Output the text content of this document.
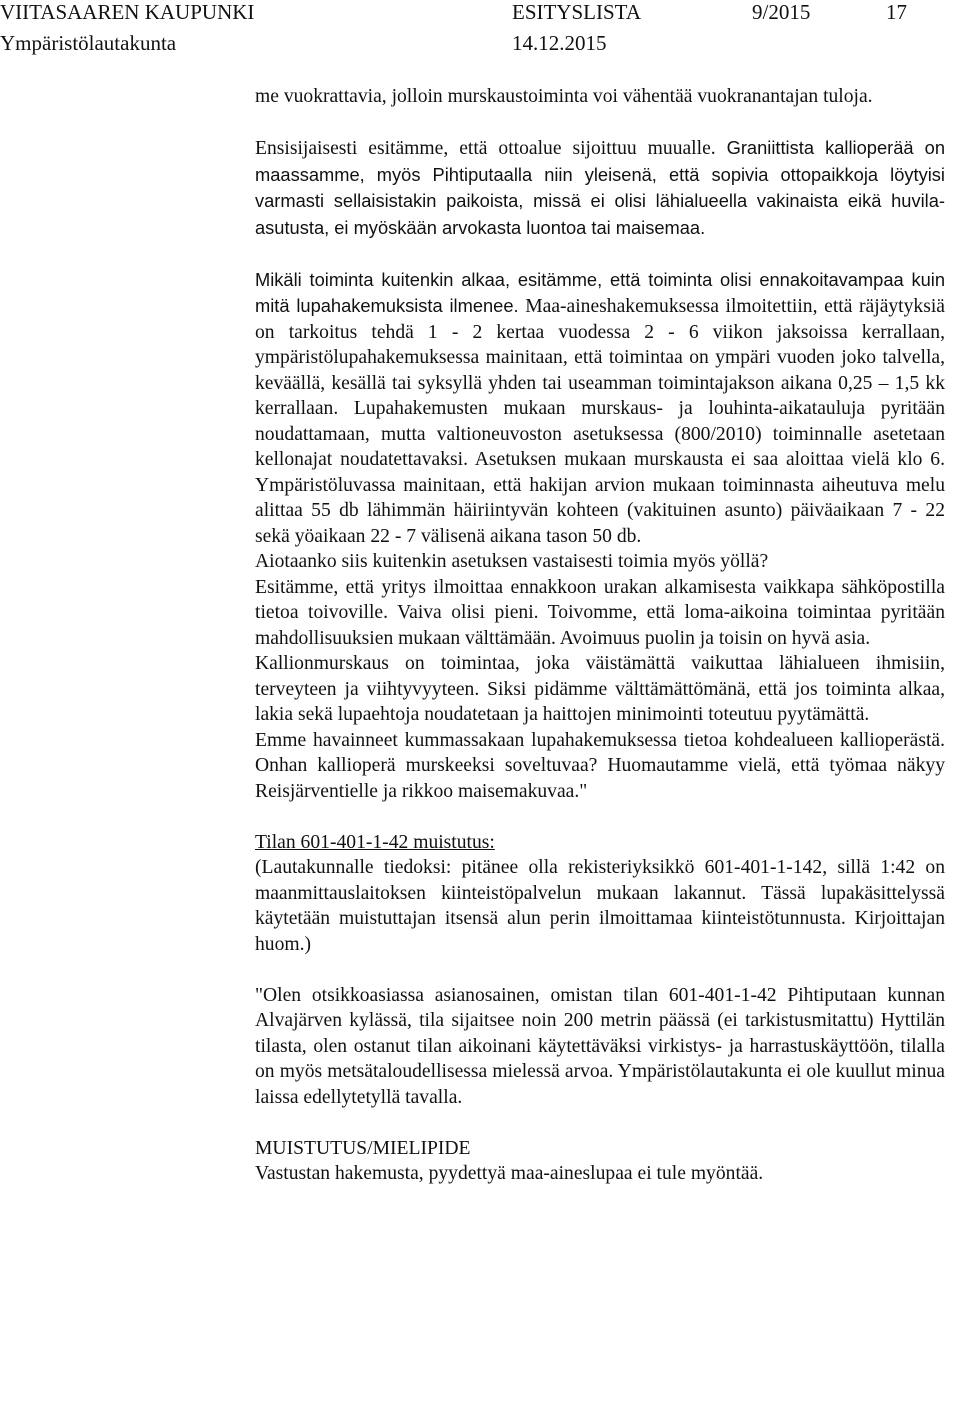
VIITASAAREN KAUPUNKI	ESITYSLISTA	9/2015	17
Ympäristölautakunta	14.12.2015

me vuokrattavia, jolloin murskaustoiminta voi vähentää vuokranantajan tuloja.

Ensisijaisesti esitämme, että ottoalue sijoittuu muualle. Graniittista kallioperää on maassamme, myös Pihtiputaalla niin yleisenä, että sopivia ottopaikkoja löytyisi varmasti sellaisistakin paikoista, missä ei olisi lähialueella vakinaista eikä huvila-asutusta, ei myöskään arvokasta luontoa tai maisemaa.

Mikäli toiminta kuitenkin alkaa, esitämme, että toiminta olisi ennakoitavampaa kuin mitä lupahakemuksista ilmenee. Maa-aineshakemuksessa ilmoitettiin, että räjäytyksiä on tarkoitus tehdä 1 - 2 kertaa vuodessa 2 - 6 viikon jaksoissa kerrallaan, ympäristölupahakemuksessa mainitaan, että toimintaa on ympäri vuoden joko talvella, keväällä, kesällä tai syksyllä yhden tai useamman toimintajakson aikana 0,25 – 1,5 kk kerrallaan. Lupahakemusten mukaan murskaus- ja louhinta-aikatauluja pyritään noudattamaan, mutta valtioneuvoston asetuksessa (800/2010) toiminnalle asetetaan kellonajat noudatettavaksi. Asetuksen mukaan murskausta ei saa aloittaa vielä klo 6. Ympäristöluvassa mainitaan, että hakijan arvion mukaan toiminnasta aiheutuva melu alittaa 55 db lähimmän häiriintyvän kohteen (vakituinen asunto) päiväaikaan 7 - 22 sekä yöaikaan 22 - 7 välisenä aikana tason 50 db.

Aiotaanko siis kuitenkin asetuksen vastaisesti toimia myös yöllä?

Esitämme, että yritys ilmoittaa ennakkoon urakan alkamisesta vaikkapa sähköpostilla tietoa toivoville. Vaiva olisi pieni. Toivomme, että loma-aikoina toimintaa pyritään mahdollisuuksien mukaan välttämään. Avoimuus puolin ja toisin on hyvä asia.

Kallionmurskaus on toimintaa, joka väistämättä vaikuttaa lähialueen ihmisiin, terveyteen ja viihtyvyyteen. Siksi pidämme välttämättömänä, että jos toiminta alkaa, lakia sekä lupaehtoja noudatetaan ja haittojen minimointi toteutuu pyytämättä.

Emme havainneet kummassakaan lupahakemuksessa tietoa kohdealueen kallioperästä. Onhan kallioperä murskeeksi soveltuvaa? Huomautamme vielä, että työmaa näkyy Reisjärventielle ja rikkoo maisemakuvaa."

Tilan 601-401-1-42 muistutus:

(Lautakunnalle tiedoksi: pitänee olla rekisteriyksikkö 601-401-1-142, sillä 1:42 on maanmittauslaitoksen kiinteistöpalvelun mukaan lakannut. Tässä lupakäsittelyssä käytetään muistuttajan itsensä alun perin ilmoittamaa kiinteistötunnusta. Kirjoittajan huom.)

"Olen otsikkoasiassa asianosainen, omistan tilan 601-401-1-42 Pihtiputaan kunnan Alvajärven kylässä, tila sijaitsee noin 200 metrin päässä (ei tarkistusmitattu) Hyttilän tilasta, olen ostanut tilan aikoinani käytettäväksi virkistys- ja harrastuskäyttöön, tilalla on myös metsätaloudellisessa mielessä arvoa. Ympäristölautakunta ei ole kuullut minua laissa edellytetyllä tavalla.

MUISTUTUS/MIELIPIDE

Vastustan hakemusta, pyydettyä maa-aineslupaa ei tule myöntää.
